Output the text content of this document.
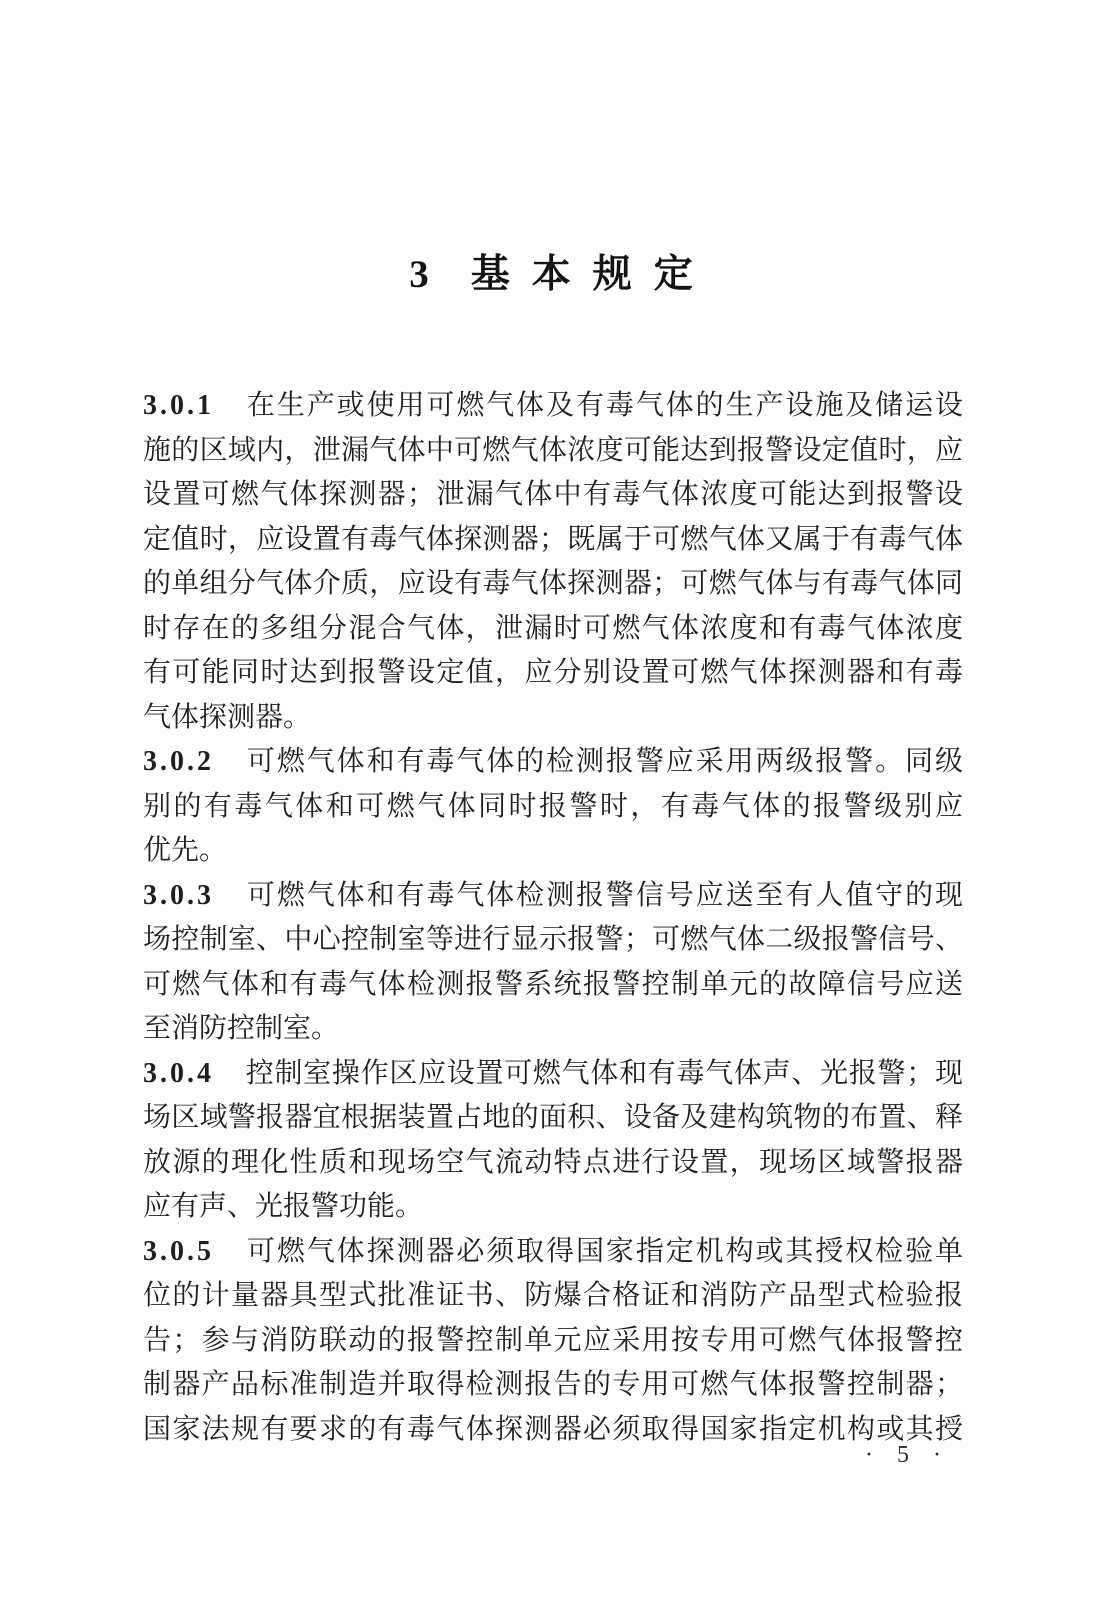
3 基本规定
3.0.1 在生产或使用可燃气体及有毒气体的生产设施及储运设
施的区域内，泄漏气体中可燃气体浓度可能达到报警设定值时，应
设置可燃气体探测器；泄漏气体中有毒气体浓度可能达到报警设
定值时，应设置有毒气体探测器；既属于可燃气体又属于有毒气体
的单组分气体介质，应设有毒气体探测器；可燃气体与有毒气体同
时存在的多组分混合气体，泄漏时可燃气体浓度和有毒气体浓度
有可能同时达到报警设定值，应分别设置可燃气体探测器和有毒
气体探测器。
3.0.2 可燃气体和有毒气体的检测报警应采用两级报警。同级
别的有毒气体和可燃气体同时报警时，有毒气体的报警级别应
优先。
3.0.3 可燃气体和有毒气体检测报警信号应送至有人值守的现
场控制室、中心控制室等进行显示报警；可燃气体二级报警信号、
可燃气体和有毒气体检测报警系统报警控制单元的故障信号应送
至消防控制室。
3.0.4 控制室操作区应设置可燃气体和有毒气体声、光报警；现
场区域警报器宜根据装置占地的面积、设备及建构筑物的布置、释
放源的理化性质和现场空气流动特点进行设置，现场区域警报器
应有声、光报警功能。
3.0.5 可燃气体探测器必须取得国家指定机构或其授权检验单
位的计量器具型式批准证书、防爆合格证和消防产品型式检验报
告；参与消防联动的报警控制单元应采用按专用可燃气体报警控
制器产品标准制造并取得检测报告的专用可燃气体报警控制器；
国家法规有要求的有毒气体探测器必须取得国家指定机构或其授
· 5 ·
